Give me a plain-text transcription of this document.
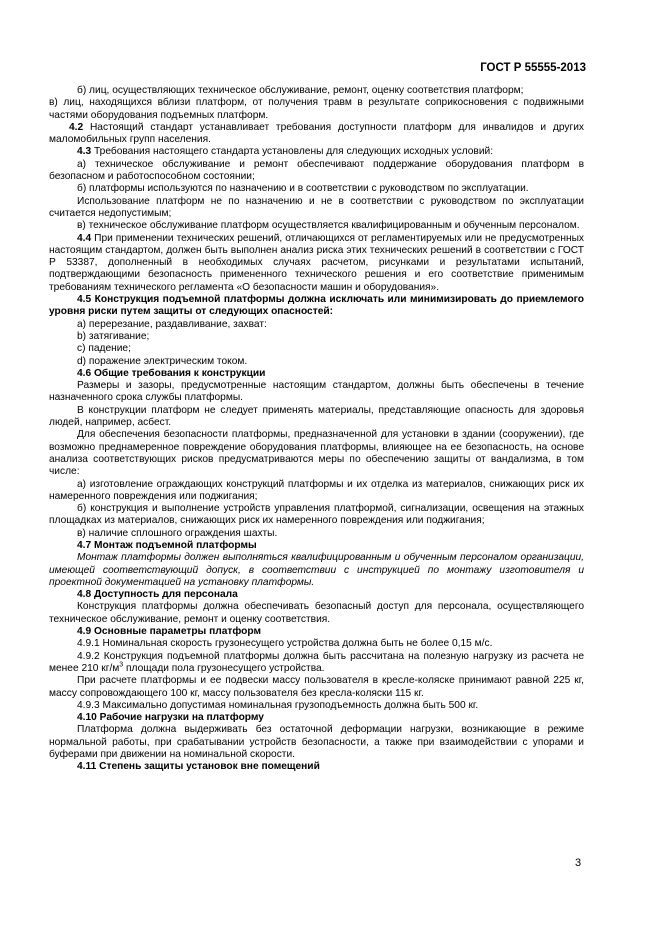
ГОСТ Р 55555-2013

б) лиц, осуществляющих техническое обслуживание, ремонт, оценку соответствия платформ;

в) лиц, находящихся вблизи платформ, от получения травм в результате соприкосновения с подвижными частями оборудования подъемных платформ.

4.2 Настоящий стандарт устанавливает требования доступности платформ для инвалидов и других маломобильных групп населения.

4.3 Требования настоящего стандарта установлены для следующих исходных условий:

а) техническое обслуживание и ремонт обеспечивают поддержание оборудования платформ в безопасном и работоспособном состоянии;

б) платформы используются по назначению и в соответствии с руководством по эксплуатации.

Использование платформ не по назначению и не в соответствии с руководством по эксплуатации считается недопустимым;

в) техническое обслуживание платформ осуществляется квалифицированным и обученным персоналом.

4.4 При применении технических решений, отличающихся от регламентируемых или не предусмотренных настоящим стандартом, должен быть выполнен анализ риска этих технических решений в соответствии с ГОСТ Р 53387, дополненный в необходимых случаях расчетом, рисунками и результатами испытаний, подтверждающими безопасность примененного технического решения и его соответствие применимым требованиям технического регламента «О безопасности машин и оборудования».

4.5 Конструкция подъемной платформы должна исключать или минимизировать до приемлемого уровня риски путем защиты от следующих опасностей:

а) перерезание, раздавливание, захват:

b) затягивание;

c) падение;

d) поражение электрическим током.

4.6 Общие требования к конструкции

Размеры и зазоры, предусмотренные настоящим стандартом, должны быть обеспечены в течение назначенного срока службы платформы.

В конструкции платформ не следует применять материалы, представляющие опасность для здоровья людей, например, асбест.

Для обеспечения безопасности платформы, предназначенной для установки в здании (сооружении), где возможно преднамеренное повреждение оборудования платформы, влияющее на ее безопасность, на основе анализа соответствующих рисков предусматриваются меры по обеспечению защиты от вандализма, в том числе:

а) изготовление ограждающих конструкций платформы и их отделка из материалов, снижающих риск их намеренного повреждения или поджигания;

б) конструкция и выполнение устройств управления платформой, сигнализации, освещения на этажных площадках из материалов, снижающих риск их намеренного повреждения или поджигания;

в) наличие сплошного ограждения шахты.

4.7 Монтаж подъемной платформы

Монтаж платформы должен выполняться квалифицированным и обученным персоналом организации, имеющей соответствующий допуск, в соответствии с инструкцией по монтажу изготовителя и проектной документацией на установку платформы.

4.8 Доступность для персонала

Конструкция платформы должна обеспечивать безопасный доступ для персонала, осуществляющего техническое обслуживание, ремонт и оценку соответствия.

4.9 Основные параметры платформ

4.9.1 Номинальная скорость грузонесущего устройства должна быть не более 0,15 м/с.

4.9.2 Конструкция подъемной платформы должна быть рассчитана на полезную нагрузку из расчета не менее 210 $кг/м^3$ площади пола грузонесущего устройства.

При расчете платформы и ее подвески массу пользователя в кресле-коляске принимают равной 225 кг, массу сопровождающего 100 кг, массу пользователя без кресла-коляски 115 кг.

4.9.3 Максимально допустимая номинальная грузоподъемность должна быть 500 кг.

4.10 Рабочие нагрузки на платформу

Платформа должна выдерживать без остаточной деформации нагрузки, возникающие в режиме нормальной работы, при срабатывании устройств безопасности, а также при взаимодействии с упорами и буферами при движении на номинальной скорости.

4.11 Степень защиты установок вне помещений

3
